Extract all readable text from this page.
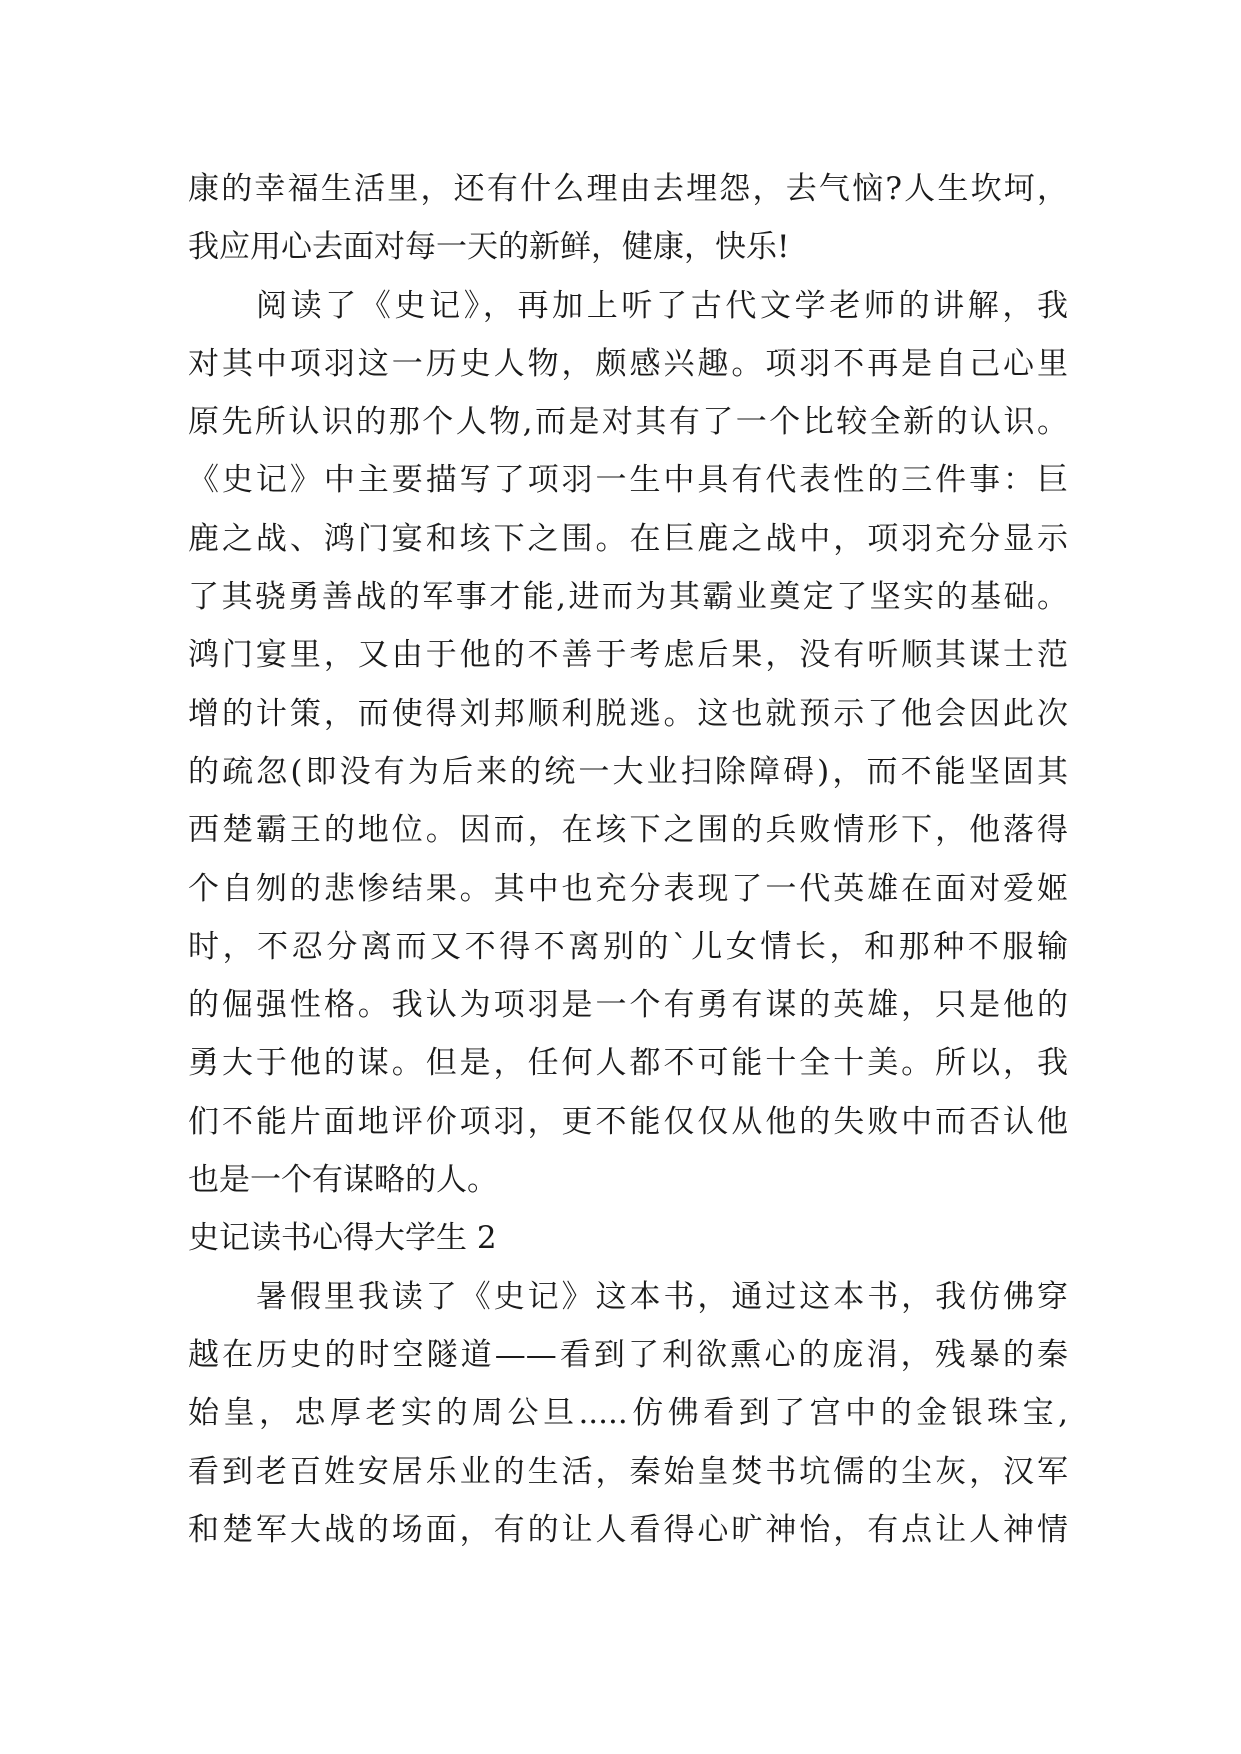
康的幸福生活里，还有什么理由去埋怨，去气恼?人生坎坷，
我应用心去面对每一天的新鲜，健康，快乐!
阅读了《史记》，再加上听了古代文学老师的讲解，我
对其中项羽这一历史人物，颇感兴趣。项羽不再是自己心里
原先所认识的那个人物,而是对其有了一个比较全新的认识。
《史记》中主要描写了项羽一生中具有代表性的三件事：巨
鹿之战、鸿门宴和垓下之围。在巨鹿之战中，项羽充分显示
了其骁勇善战的军事才能,进而为其霸业奠定了坚实的基础。
鸿门宴里，又由于他的不善于考虑后果，没有听顺其谋士范
增的计策，而使得刘邦顺利脱逃。这也就预示了他会因此次
的疏忽(即没有为后来的统一大业扫除障碍)，而不能坚固其
西楚霸王的地位。因而，在垓下之围的兵败情形下，他落得
个自刎的悲惨结果。其中也充分表现了一代英雄在面对爱姬
时，不忍分离而又不得不离别的`儿女情长，和那种不服输
的倔强性格。我认为项羽是一个有勇有谋的英雄，只是他的
勇大于他的谋。但是，任何人都不可能十全十美。所以，我
们不能片面地评价项羽，更不能仅仅从他的失败中而否认他
也是一个有谋略的人。
史记读书心得大学生 2
暑假里我读了《史记》这本书，通过这本书，我仿佛穿
越在历史的时空隧道——看到了利欲熏心的庞涓，残暴的秦
始皇，忠厚老实的周公旦.....仿佛看到了宫中的金银珠宝,
看到老百姓安居乐业的生活，秦始皇焚书坑儒的尘灰，汉军
和楚军大战的场面，有的让人看得心旷神怡，有点让人神情
